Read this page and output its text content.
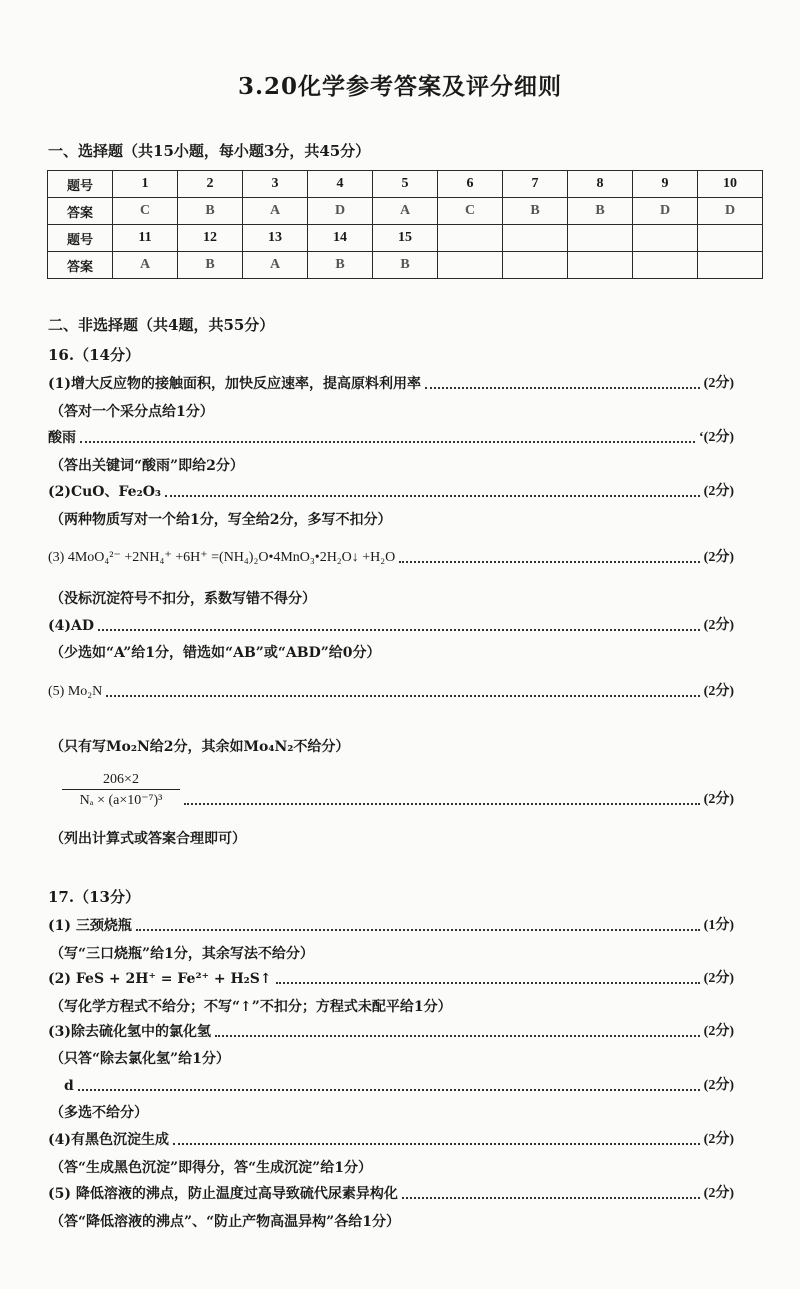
3.20化学参考答案及评分细则
一、选择题（共15小题，每小题3分，共45分）
题号	1	2	3	4	5	6	7	8	9	10
答案	C	B	A	D	A	C	B	B	D	D
题号	11	12	13	14	15					
答案	A	B	A	B	B					
二、非选择题（共4题，共55分）
16.（14分）
(1)增大反应物的接触面积，加快反应速率，提高原料利用率	(2分)
（答对一个采分点给1分）
酸雨	‘(2分)
（答出关键词“酸雨”即给2分）
(2)CuO、Fe₂O₃	(2分)
（两种物质写对一个给1分，写全给2分，多写不扣分）
(3) 4MoO₄²⁻ +2NH₄⁺ +6H⁺ =(NH₄)₂O•4MnO₃•2H₂O↓ +H₂O	(2分)
（没标沉淀符号不扣分，系数写错不得分）
(4)AD	(2分)
（少选如“A”给1分，错选如“AB”或“ABD”给0分）
(5) Mo₂N	(2分)
（只有写Mo₂N给2分，其余如Mo₄N₂不给分）
$\frac{206\times 2}{\text{Nₐ × (a×10⁻⁷)³}}$	(2分)
（列出计算式或答案合理即可）
17.（13分）
(1) 三颈烧瓶	(1分)
（写“三口烧瓶”给1分，其余写法不给分）
(2) FeS + 2H⁺ = Fe²⁺ + H₂S↑	(2分)
（写化学方程式不给分；不写“↑”不扣分；方程式未配平给1分）
(3)除去硫化氢中的氯化氢	(2分)
（只答“除去氯化氢”给1分）
d	(2分)
（多选不给分）
(4)有黑色沉淀生成	(2分)
（答“生成黑色沉淀”即得分，答“生成沉淀”给1分）
(5) 降低溶液的沸点，防止温度过高导致硫代尿素异构化	(2分)
（答“降低溶液的沸点”、“防止产物高温异构”各给1分）
